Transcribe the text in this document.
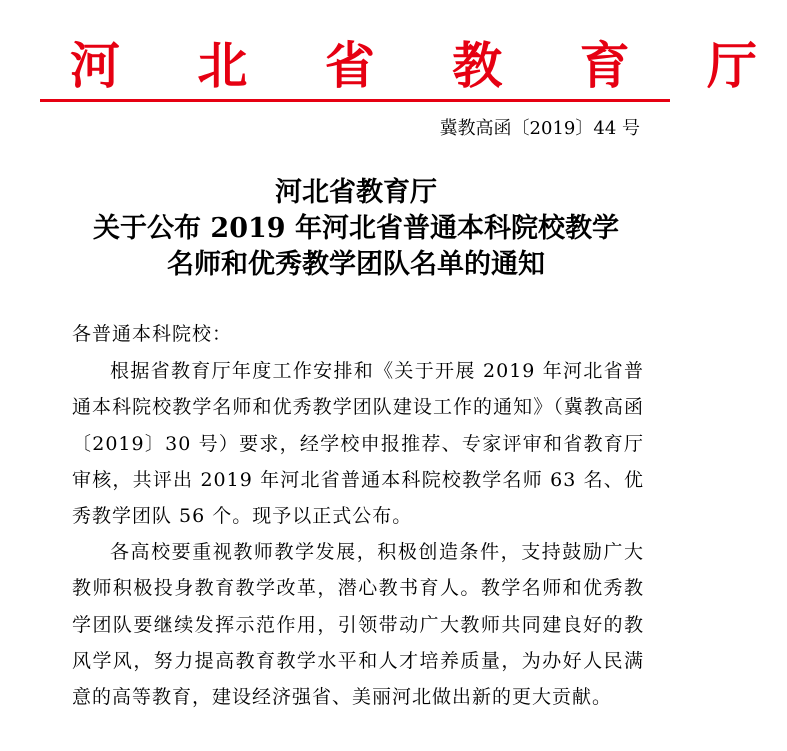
河 北 省 教 育 厅
冀教高函〔2019〕44 号
河北省教育厅
关于公布 2019 年河北省普通本科院校教学
名师和优秀教学团队名单的通知
各普通本科院校：
根据省教育厅年度工作安排和《关于开展 2019 年河北省普通本科院校教学名师和优秀教学团队建设工作的通知》（冀教高函〔2019〕30 号）要求，经学校申报推荐、专家评审和省教育厅审核，共评出 2019 年河北省普通本科院校教学名师 63 名、优秀教学团队 56 个。现予以正式公布。
各高校要重视教师教学发展，积极创造条件，支持鼓励广大教师积极投身教育教学改革，潜心教书育人。教学名师和优秀教学团队要继续发挥示范作用，引领带动广大教师共同建良好的教风学风，努力提高教育教学水平和人才培养质量，为办好人民满意的高等教育，建设经济强省、美丽河北做出新的更大贡献。
